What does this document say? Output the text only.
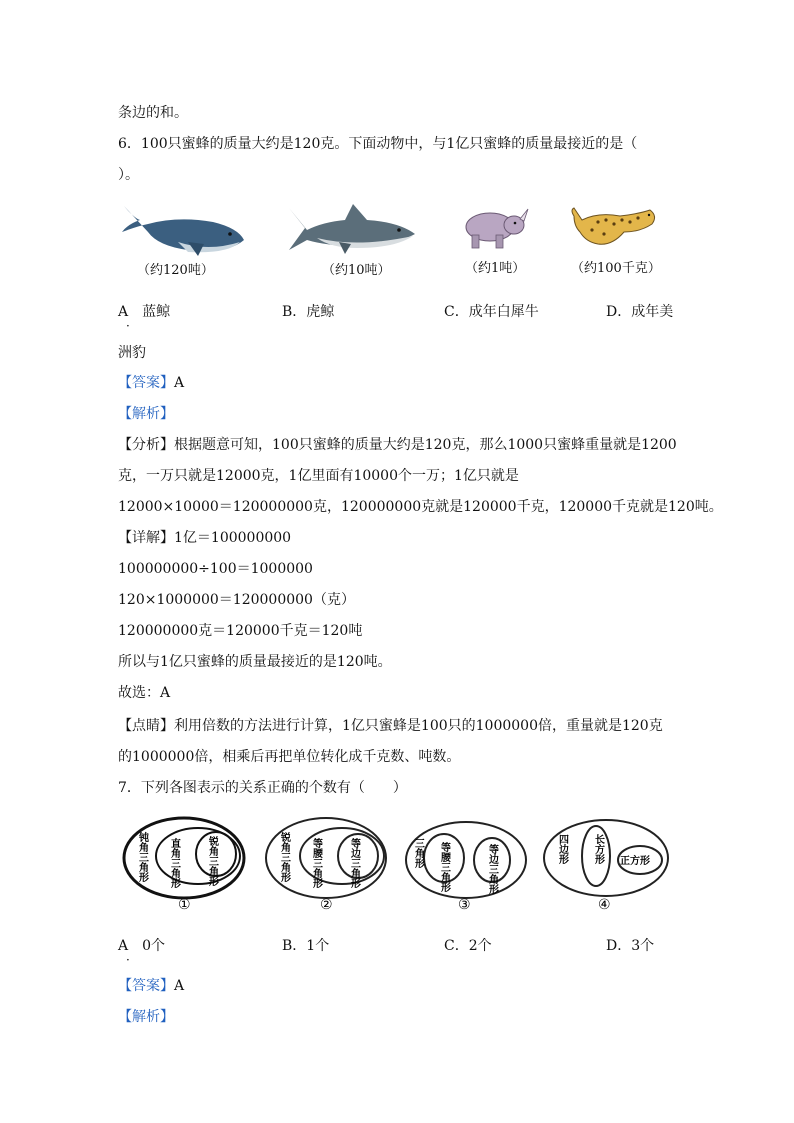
条边的和。
6．100只蜜蜂的质量大约是120克。下面动物中，与1亿只蜜蜂的质量最接近的是（
）。
（约120吨）	（约10吨）	（约1吨）	（约100千克）
A　蓝鲸
·
B．虎鲸	C．成年白犀牛	D．成年美
洲豹
【答案】A
【解析】
【分析】根据题意可知，100只蜜蜂的质量大约是120克，那么1000只蜜蜂重量就是1200
克，一万只就是12000克，1亿里面有10000个一万；1亿只就是
12000×10000＝120000000克，120000000克就是120000千克，120000千克就是120吨。
【详解】1亿＝100000000
100000000÷100＝1000000
120×1000000＝120000000（克）
120000000克＝120000千克＝120吨
所以与1亿只蜜蜂的质量最接近的是120吨。
故选：A
【点睛】利用倍数的方法进行计算，1亿只蜜蜂是100只的1000000倍，重量就是120克
的1000000倍，相乘后再把单位转化成千克数、吨数。
7．下列各图表示的关系正确的个数有（　　）
钝角三角形 直角三角形	锐角三角形
①
锐角三角形 等腰三角形	等边三角形
②
三角形 等腰三角形	等边三角形
③
四边形	长方形 正方形
④
A　0个
·
B．1个	C．2个	D．3个
【答案】A
【解析】
